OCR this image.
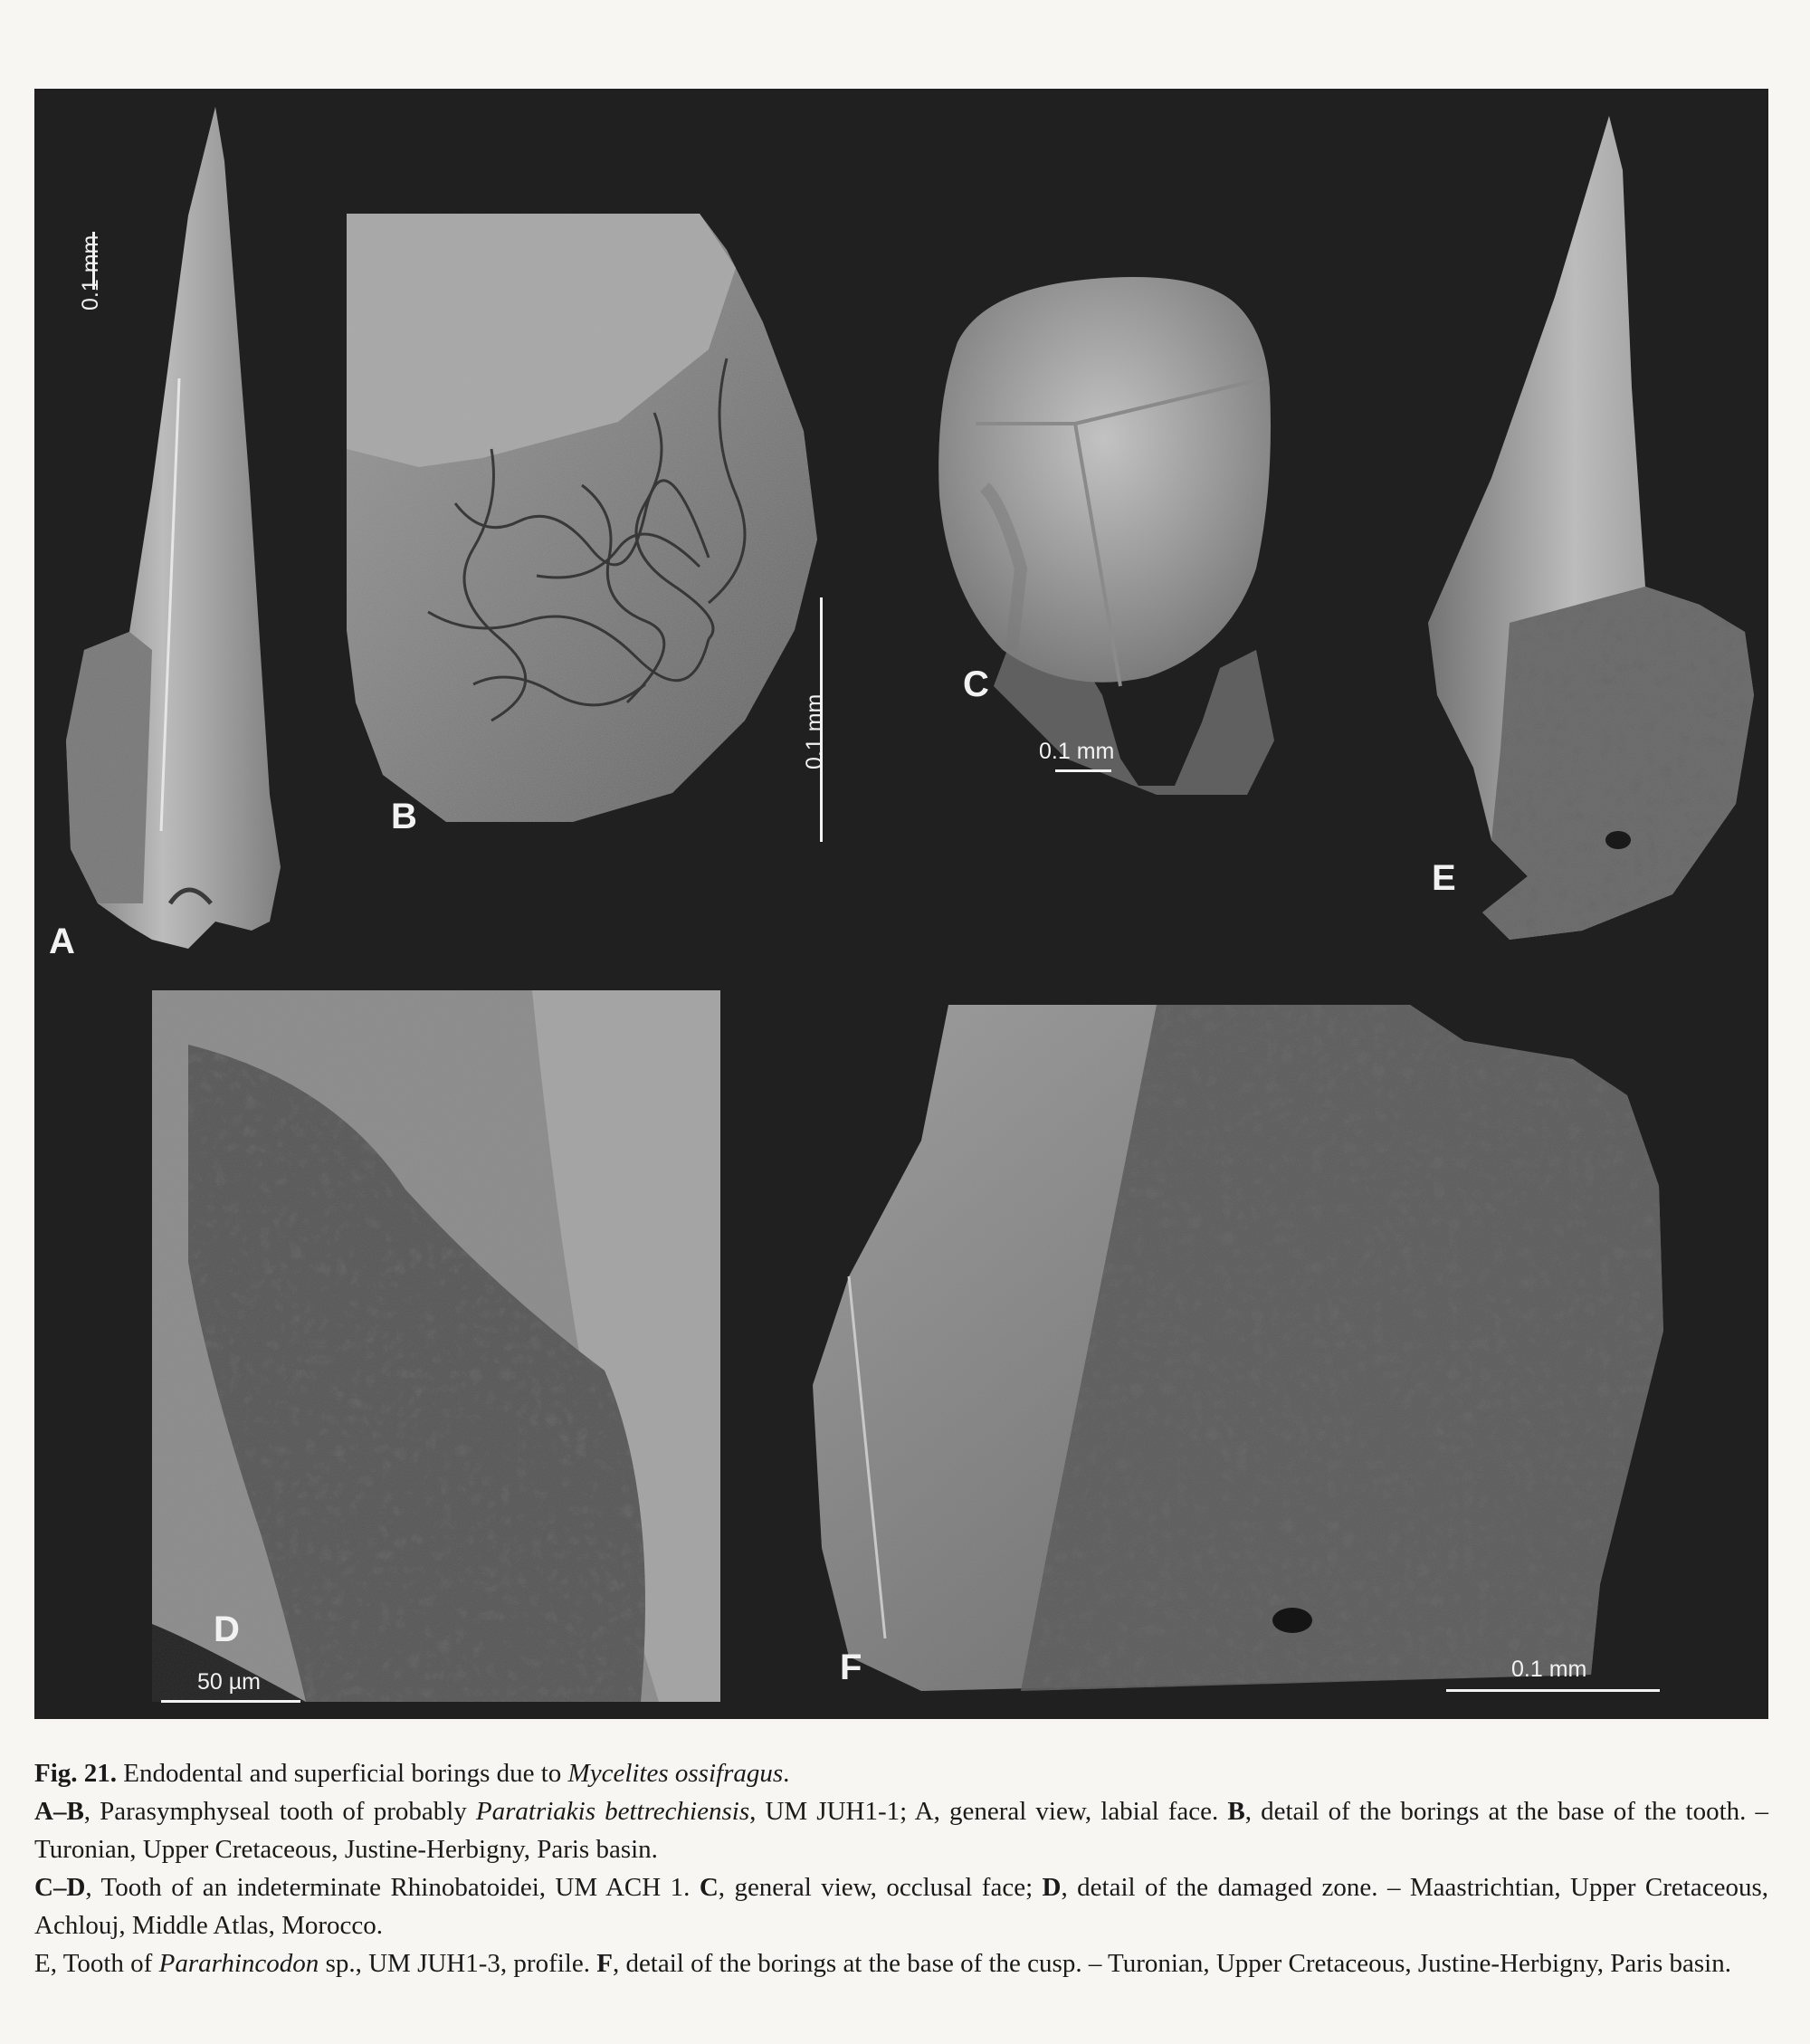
A
0.1 mm
B
0.1 mm
C
0.1 mm
E
D
50 µm	F	0.1 mm

Fig. 21. Endodental and superficial borings due to Mycelites ossifragus.

A–B, Parasymphyseal tooth of probably Paratriakis bettrechiensis, UM JUH1-1; A, general view, labial face. B, detail of the borings at the base of the tooth. – Turonian, Upper Cretaceous, Justine-Herbigny, Paris basin.

C–D, Tooth of an indeterminate Rhinobatoidei, UM ACH 1. C, general view, occlusal face; D, detail of the damaged zone. – Maastrichtian, Upper Cretaceous, Achlouj, Middle Atlas, Morocco.

E, Tooth of Pararhincodon sp., UM JUH1-3, profile. F, detail of the borings at the base of the cusp. – Turonian, Upper Cretaceous, Justine-Herbigny, Paris basin.
